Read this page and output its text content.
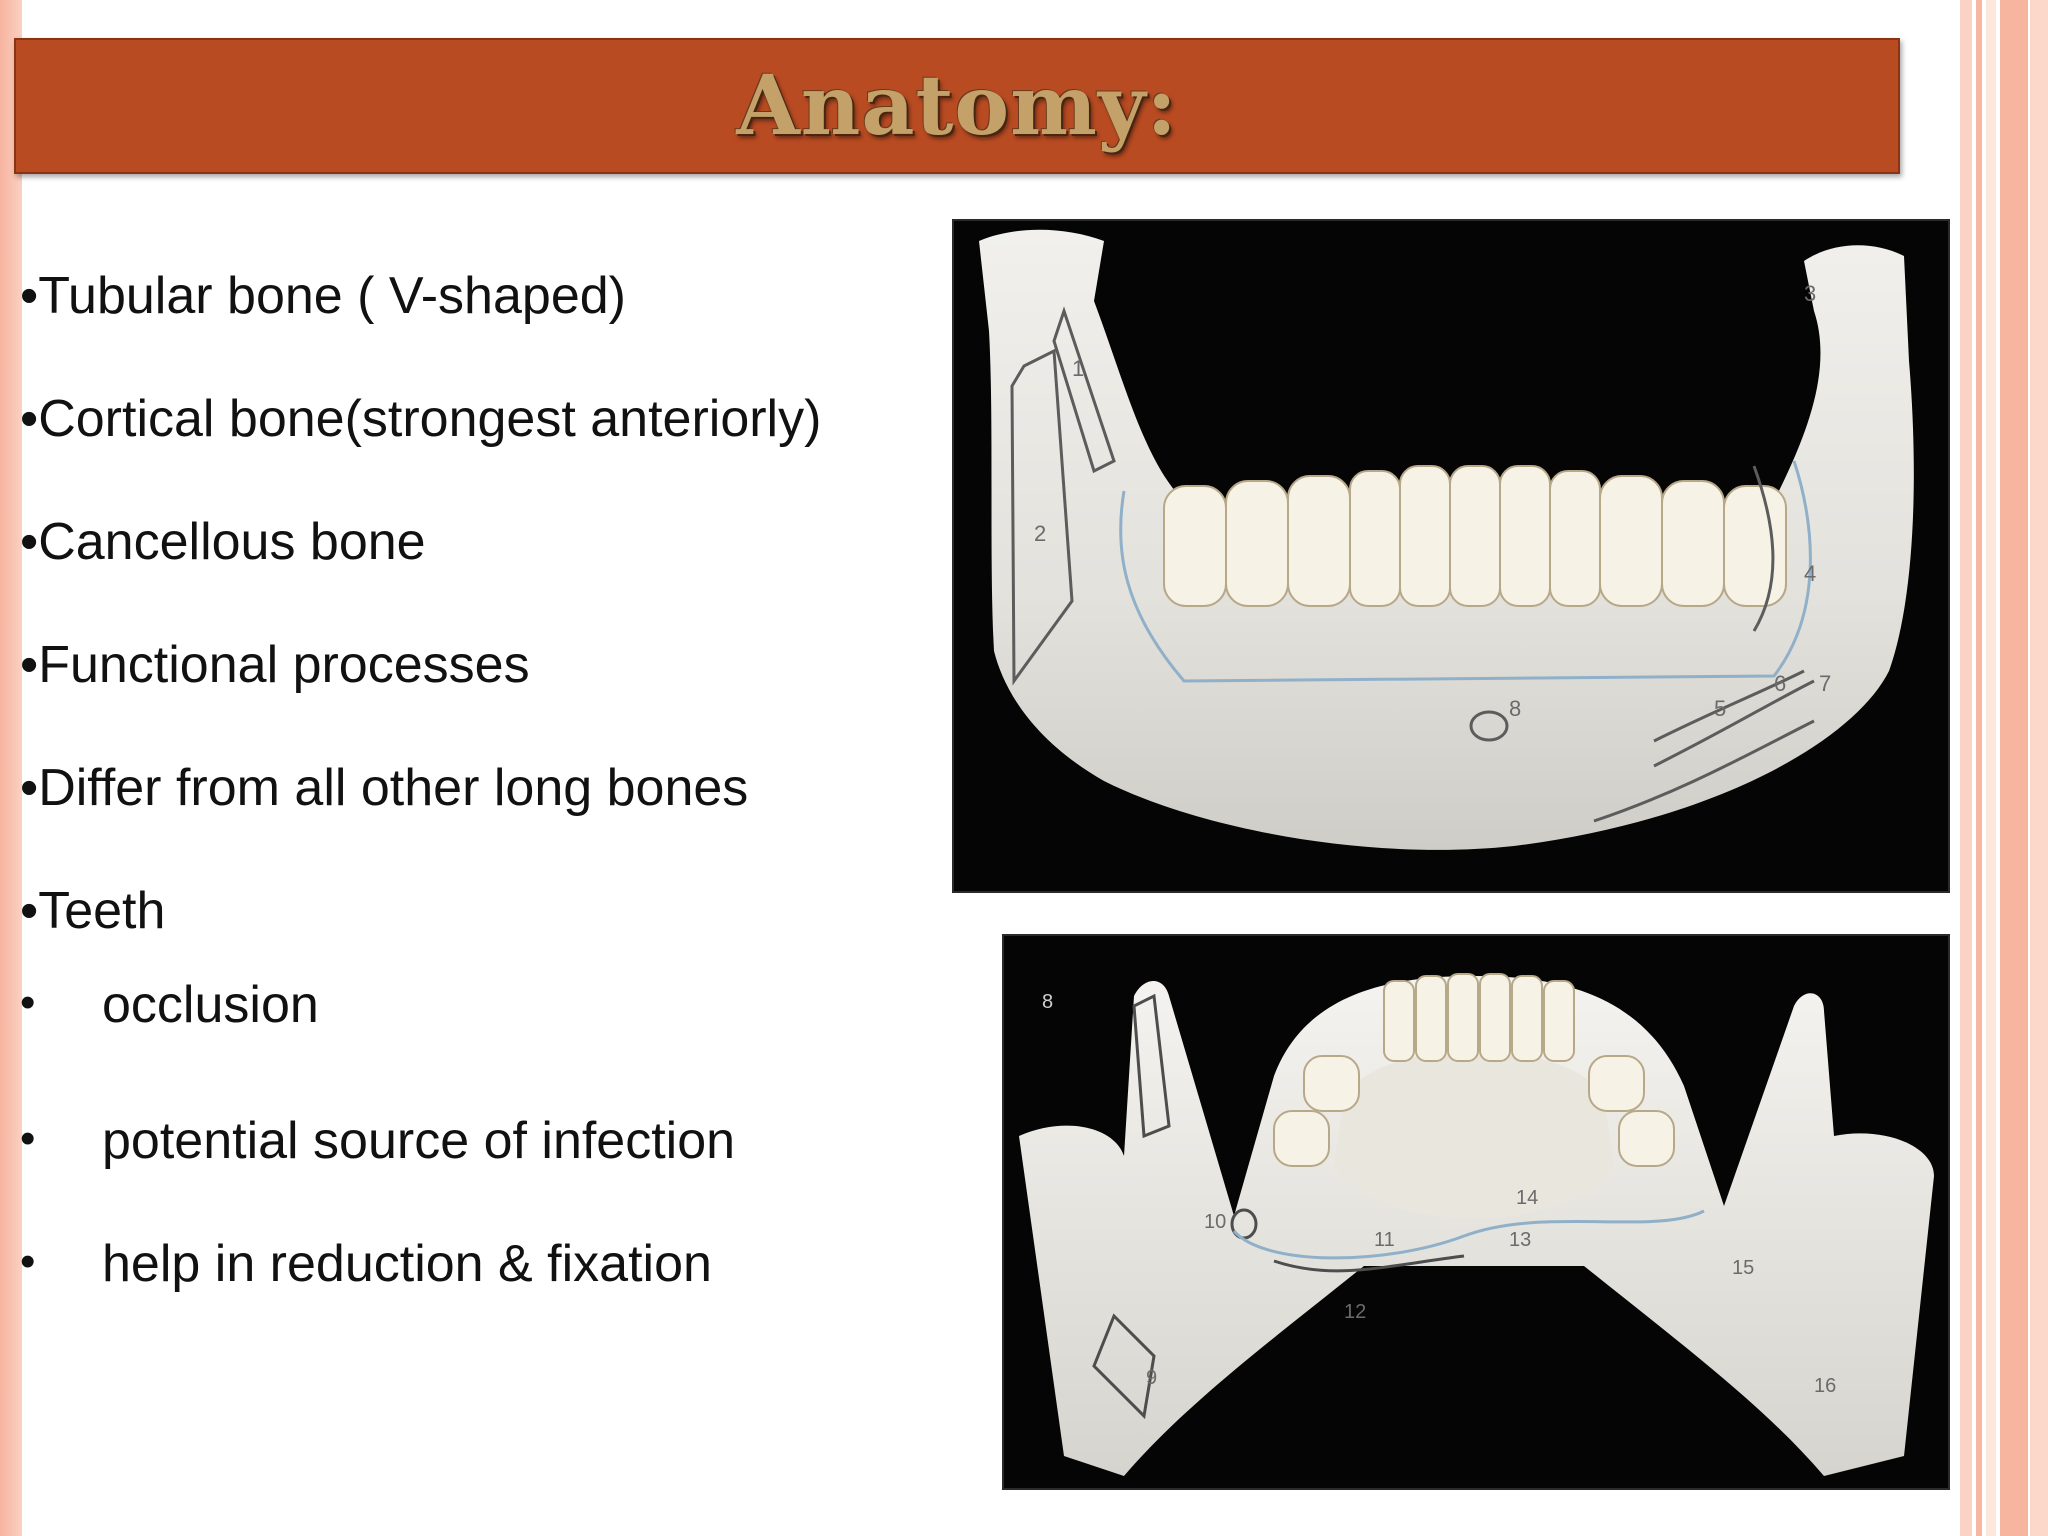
Anatomy:
•Tubular bone ( V-shaped)
•Cortical bone(strongest anteriorly)
•Cancellous bone
•Functional processes
•Differ from all other long bones
•Teeth
• occlusion
• potential source of infection
• help in reduction & fixation
1
2
3
4
5
6 7
8
8
9
10
11
12
13
14
15
16
